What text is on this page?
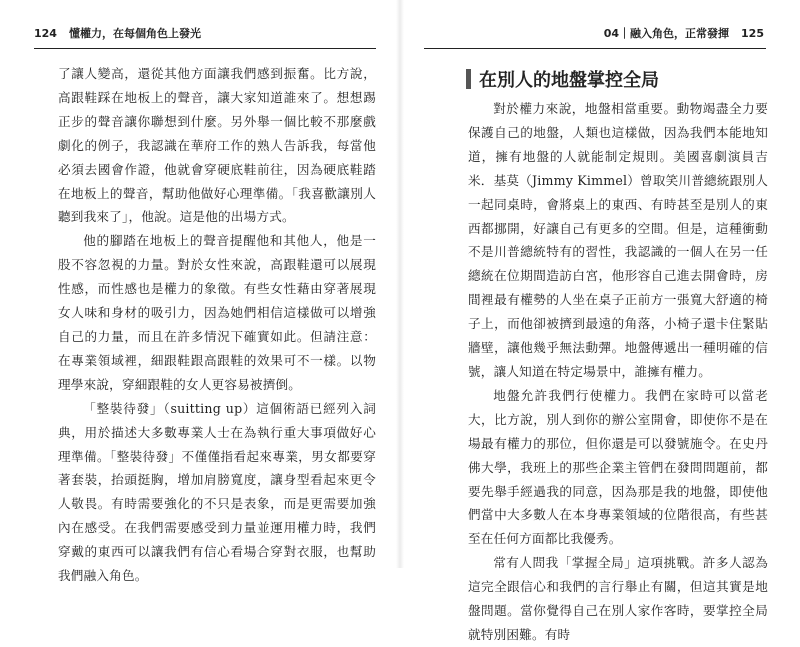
124 懂權力，在每個角色上發光

了讓人變高，還從其他方面讓我們感到振奮。比方說，高跟鞋踩在地板上的聲音，讓大家知道誰來了。想想踢正步的聲音讓你聯想到什麼。另外舉一個比較不那麼戲劇化的例子，我認識在華府工作的熟人告訴我，每當他必須去國會作證，他就會穿硬底鞋前往，因為硬底鞋踏在地板上的聲音，幫助他做好心理準備。「我喜歡讓別人聽到我來了」，他說。這是他的出場方式。

他的腳踏在地板上的聲音提醒他和其他人，他是一股不容忽視的力量。對於女性來說，高跟鞋還可以展現性感，而性感也是權力的象徵。有些女性藉由穿著展現女人味和身材的吸引力，因為她們相信這樣做可以增強自己的力量，而且在許多情況下確實如此。但請注意：在專業領域裡，細跟鞋跟高跟鞋的效果可不一樣。以物理學來說，穿細跟鞋的女人更容易被擠倒。

「整裝待發」（suitting up）這個術語已經列入詞典，用於描述大多數專業人士在為執行重大事項做好心理準備。「整裝待發」不僅僅指看起來專業，男女都要穿著套裝，抬頭挺胸，增加肩膀寬度，讓身型看起來更令人敬畏。有時需要強化的不只是表象，而是更需要加強內在感受。在我們需要感受到力量並運用權力時，我們穿戴的東西可以讓我們有信心看場合穿對衣服，也幫助我們融入角色。

04｜融入角色，正常發揮 125
在別人的地盤掌控全局

對於權力來說，地盤相當重要。動物竭盡全力要保護自己的地盤，人類也這樣做，因為我們本能地知道，擁有地盤的人就能制定規則。美國喜劇演員吉米．基莫（Jimmy Kimmel）曾取笑川普總統跟別人一起同桌時，會將桌上的東西、有時甚至是別人的東西都挪開，好讓自己有更多的空間。但是，這種衝動不是川普總統特有的習性，我認識的一個人在另一任總統在位期間造訪白宮，他形容自己進去開會時，房間裡最有權勢的人坐在桌子正前方一張寬大舒適的椅子上，而他卻被擠到最遠的角落，小椅子還卡住緊貼牆壁，讓他幾乎無法動彈。地盤傳遞出一種明確的信號，讓人知道在特定場景中，誰擁有權力。

地盤允許我們行使權力。我們在家時可以當老大，比方說，別人到你的辦公室開會，即使你不是在場最有權力的那位，但你還是可以發號施令。在史丹佛大學，我班上的那些企業主管們在發問問題前，都要先舉手經過我的同意，因為那是我的地盤，即使他們當中大多數人在本身專業領域的位階很高，有些甚至在任何方面都比我優秀。

常有人問我「掌握全局」這項挑戰。許多人認為這完全跟信心和我們的言行舉止有關，但這其實是地盤問題。當你覺得自己在別人家作客時，要掌控全局就特別困難。有時
